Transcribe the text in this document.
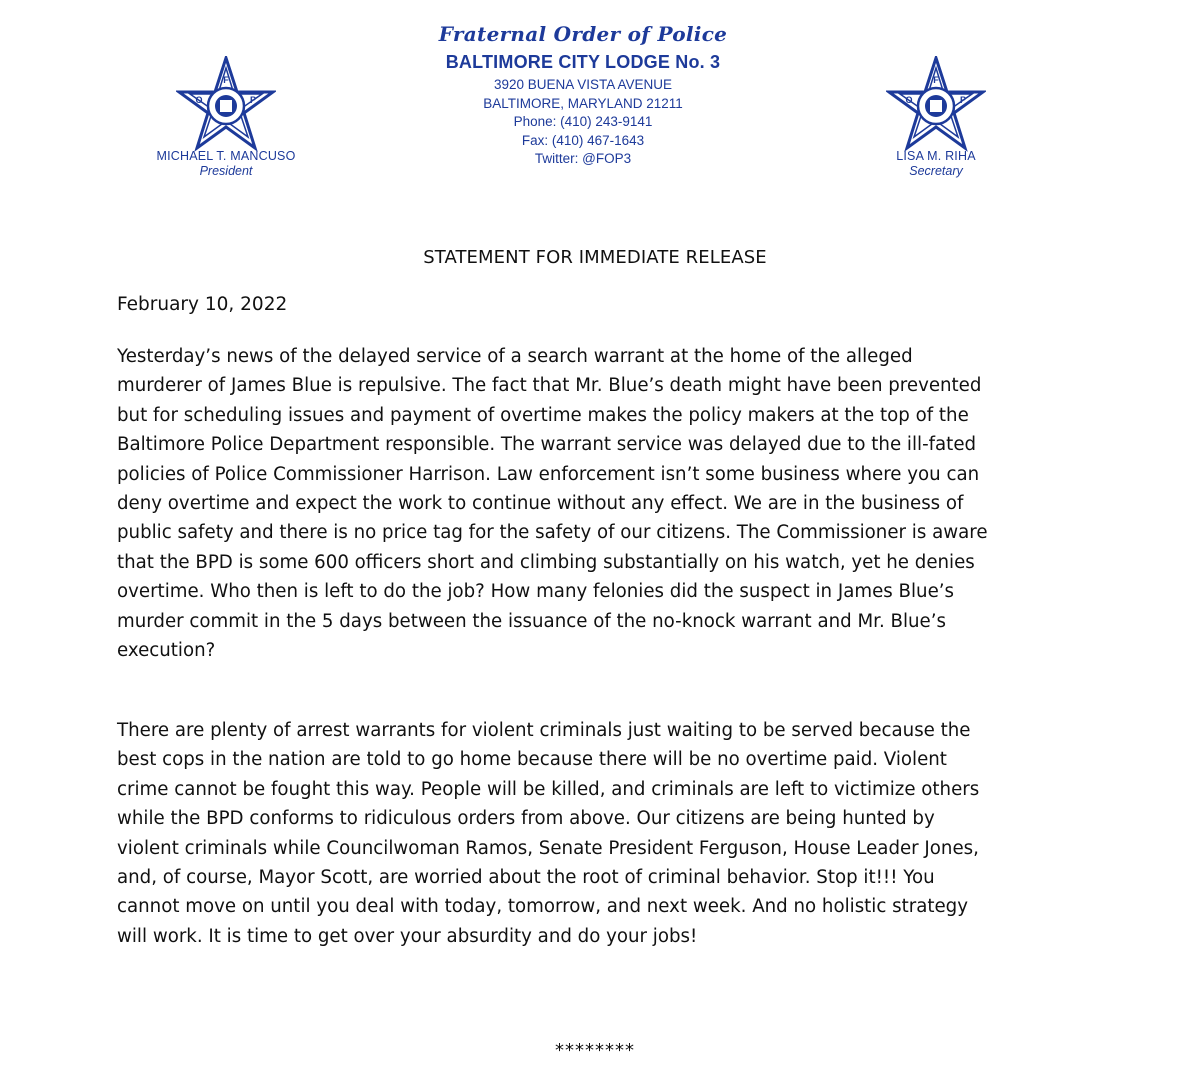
F
O	P
F
O	P
Fraternal Order of Police
BALTIMORE CITY LODGE No. 3
3920 BUENA VISTA AVENUE
BALTIMORE, MARYLAND 21211
Phone: (410) 243-9141
Fax: (410) 467-1643
Twitter: @FOP3
MICHAEL T. MANCUSO
President
LISA M. RIHA
Secretary
STATEMENT FOR IMMEDIATE RELEASE
February 10, 2022
Yesterday’s news of the delayed service of a search warrant at the home of the alleged
murderer of James Blue is repulsive. The fact that Mr. Blue’s death might have been prevented
but for scheduling issues and payment of overtime makes the policy makers at the top of the
Baltimore Police Department responsible. The warrant service was delayed due to the ill-fated
policies of Police Commissioner Harrison. Law enforcement isn’t some business where you can
deny overtime and expect the work to continue without any effect. We are in the business of
public safety and there is no price tag for the safety of our citizens. The Commissioner is aware
that the BPD is some 600 officers short and climbing substantially on his watch, yet he denies
overtime. Who then is left to do the job? How many felonies did the suspect in James Blue’s
murder commit in the 5 days between the issuance of the no-knock warrant and Mr. Blue’s
execution?
There are plenty of arrest warrants for violent criminals just waiting to be served because the
best cops in the nation are told to go home because there will be no overtime paid. Violent
crime cannot be fought this way. People will be killed, and criminals are left to victimize others
while the BPD conforms to ridiculous orders from above. Our citizens are being hunted by
violent criminals while Councilwoman Ramos, Senate President Ferguson, House Leader Jones,
and, of course, Mayor Scott, are worried about the root of criminal behavior. Stop it!!! You
cannot move on until you deal with today, tomorrow, and next week. And no holistic strategy
will work. It is time to get over your absurdity and do your jobs!
********
